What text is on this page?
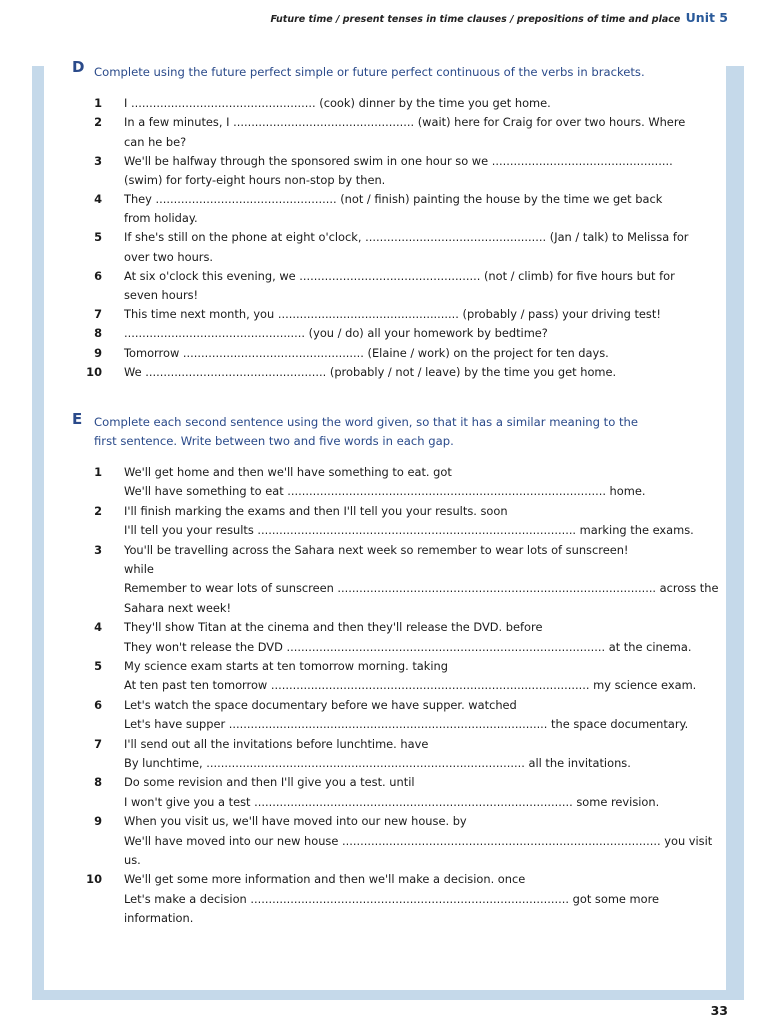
Future time / present tenses in time clauses / prepositions of time and place Unit 5
D Complete using the future perfect simple or future perfect continuous of the verbs in brackets.
1 I ................................................... (cook) dinner by the time you get home.
2 In a few minutes, I .................................................. (wait) here for Craig for over two hours. Where
can he be?
3 We'll be halfway through the sponsored swim in one hour so we ..................................................
(swim) for forty-eight hours non-stop by then.
4 They .................................................. (not / finish) painting the house by the time we get back
from holiday.
5 If she's still on the phone at eight o'clock, .................................................. (Jan / talk) to Melissa for
over two hours.
6 At six o'clock this evening, we .................................................. (not / climb) for five hours but for
seven hours!
7 This time next month, you .................................................. (probably / pass) your driving test!
8 .................................................. (you / do) all your homework by bedtime?
9 Tomorrow .................................................. (Elaine / work) on the project for ten days.
10 We .................................................. (probably / not / leave) by the time you get home.
E Complete each second sentence using the word given, so that it has a similar meaning to the
first sentence. Write between two and five words in each gap.
1 We'll get home and then we'll have something to eat. got
We'll have something to eat ........................................................................................ home.
2 I'll finish marking the exams and then I'll tell you your results. soon
I'll tell you your results ........................................................................................ marking the exams.
3 You'll be travelling across the Sahara next week so remember to wear lots of sunscreen!
while
Remember to wear lots of sunscreen ........................................................................................ across the
Sahara next week!
4 They'll show Titan at the cinema and then they'll release the DVD. before
They won't release the DVD ........................................................................................ at the cinema.
5 My science exam starts at ten tomorrow morning. taking
At ten past ten tomorrow ........................................................................................ my science exam.
6 Let's watch the space documentary before we have supper. watched
Let's have supper ........................................................................................ the space documentary.
7 I'll send out all the invitations before lunchtime. have
By lunchtime, ........................................................................................ all the invitations.
8 Do some revision and then I'll give you a test. until
I won't give you a test ........................................................................................ some revision.
9 When you visit us, we'll have moved into our new house. by
We'll have moved into our new house ........................................................................................ you visit
us.
10 We'll get some more information and then we'll make a decision. once
Let's make a decision ........................................................................................ got some more
information.
33
